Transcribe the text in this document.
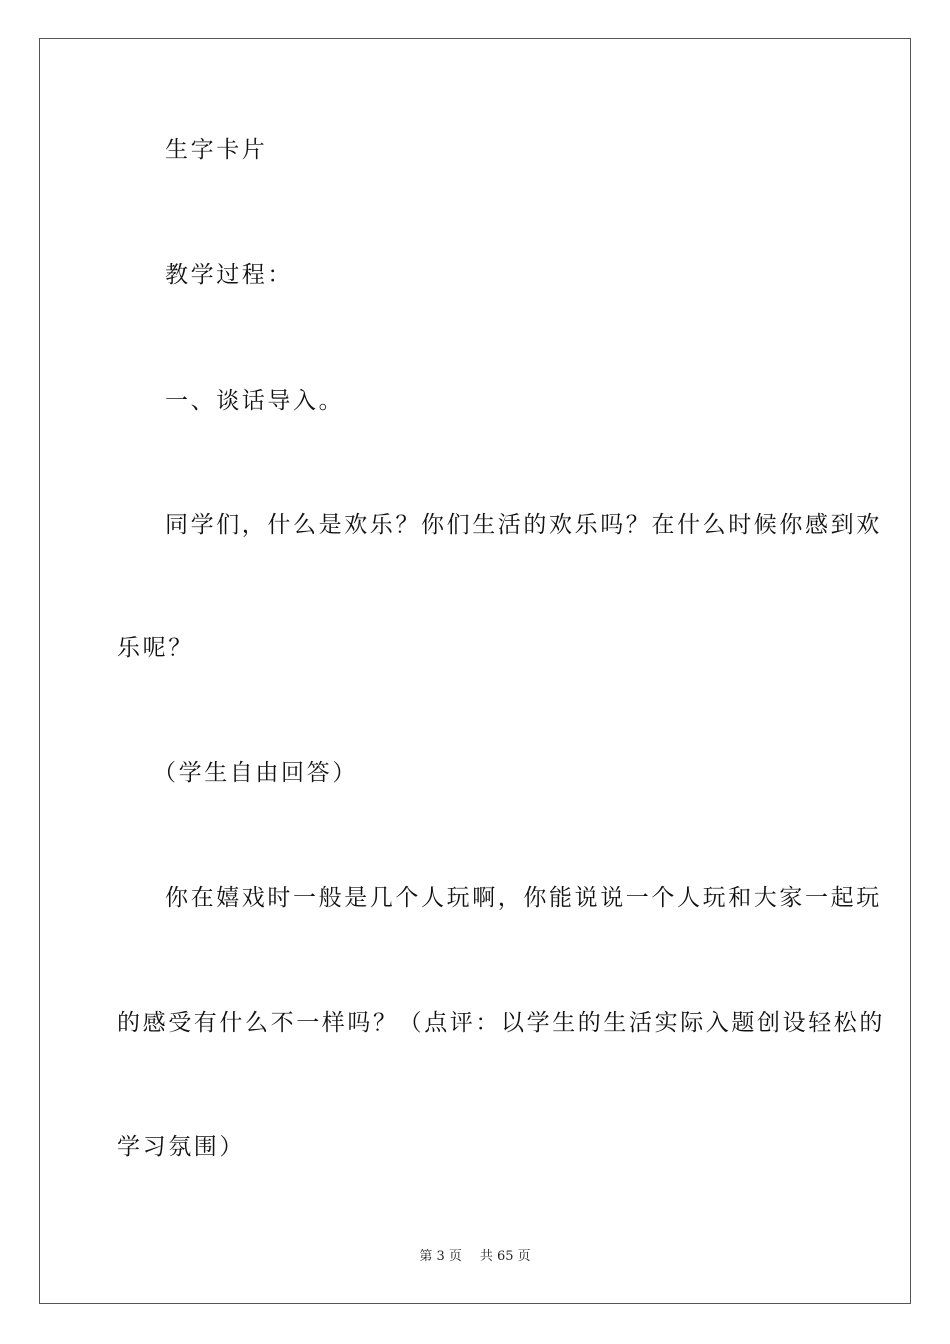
生字卡片
教学过程：
一、谈话导入。
同学们，什么是欢乐？你们生活的欢乐吗？在什么时候你感到欢
乐呢？
（学生自由回答）
你在嬉戏时一般是几个人玩啊，你能说说一个人玩和大家一起玩
的感受有什么不一样吗？（点评：以学生的生活实际入题创设轻松的
学习氛围）
第 3 页 共 65 页
